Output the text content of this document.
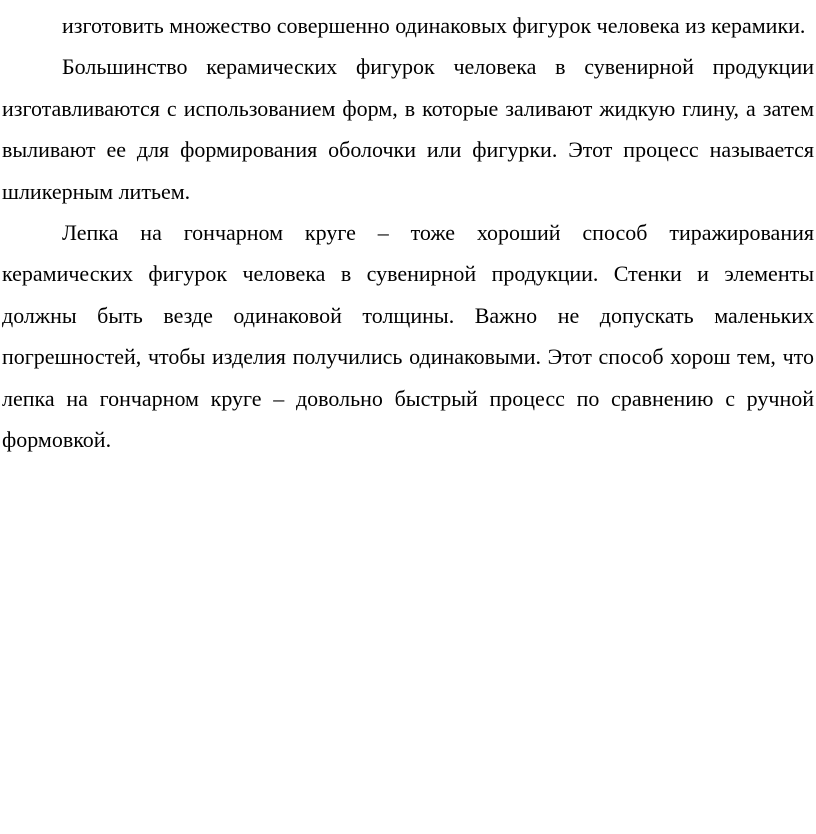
изготовить множество совершенно одинаковых фигурок человека из керамики.

Большинство керамических фигурок человека в сувенирной продукции изготавливаются с использованием форм, в которые заливают жидкую глину, а затем выливают ее для формирования оболочки или фигурки. Этот процесс называется шликерным литьем.

Лепка на гончарном круге – тоже хороший способ тиражирования керамических фигурок человека в сувенирной продукции. Стенки и элементы должны быть везде одинаковой толщины. Важно не допускать маленьких погрешностей, чтобы изделия получились одинаковыми. Этот способ хорош тем, что лепка на гончарном круге – довольно быстрый процесс по сравнению с ручной формовкой.
